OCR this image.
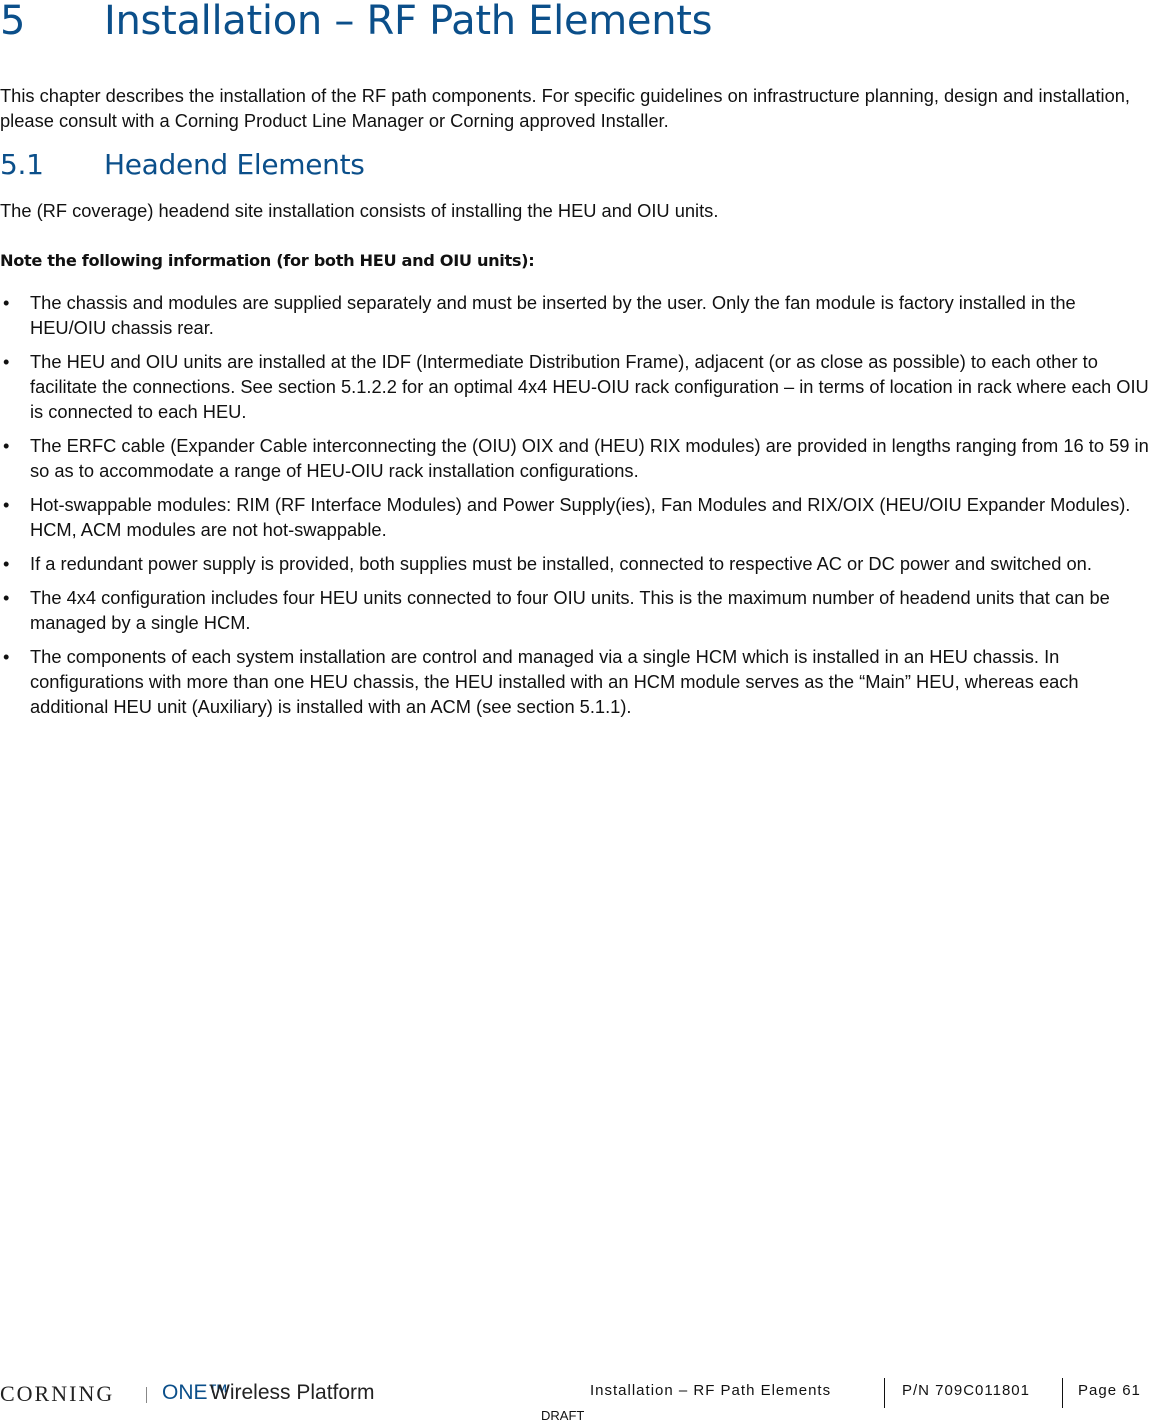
5 Installation – RF Path Elements

This chapter describes the installation of the RF path components. For specific guidelines on infrastructure planning, design and installation, please consult with a Corning Product Line Manager or Corning approved Installer.

5.1 Headend Elements

The (RF coverage) headend site installation consists of installing the HEU and OIU units.

Note the following information (for both HEU and OIU units):

• The chassis and modules are supplied separately and must be inserted by the user. Only the fan module is factory installed in the HEU/OIU chassis rear.
• The HEU and OIU units are installed at the IDF (Intermediate Distribution Frame), adjacent (or as close as possible) to each other to facilitate the connections. See section 5.1.2.2 for an optimal 4x4 HEU-OIU rack configuration – in terms of location in rack where each OIU is connected to each HEU.
• The ERFC cable (Expander Cable interconnecting the (OIU) OIX and (HEU) RIX modules) are provided in lengths ranging from 16 to 59 in so as to accommodate a range of HEU-OIU rack installation configurations.
• Hot-swappable modules: RIM (RF Interface Modules) and Power Supply(ies), Fan Modules and RIX/OIX (HEU/OIU Expander Modules). HCM, ACM modules are not hot-swappable.
• If a redundant power supply is provided, both supplies must be installed, connected to respective AC or DC power and switched on.
• The 4x4 configuration includes four HEU units connected to four OIU units. This is the maximum number of headend units that can be managed by a single HCM.
• The components of each system installation are control and managed via a single HCM which is installed in an HEU chassis. In configurations with more than one HEU chassis, the HEU installed with an HCM module serves as the “Main” HEU, whereas each additional HEU unit (Auxiliary) is installed with an ACM (see section 5.1.1).
CORNING ONE™
Wireless Platform	Installation – RF Path Elements	P/N 709C011801	Page 61
DRAFT
